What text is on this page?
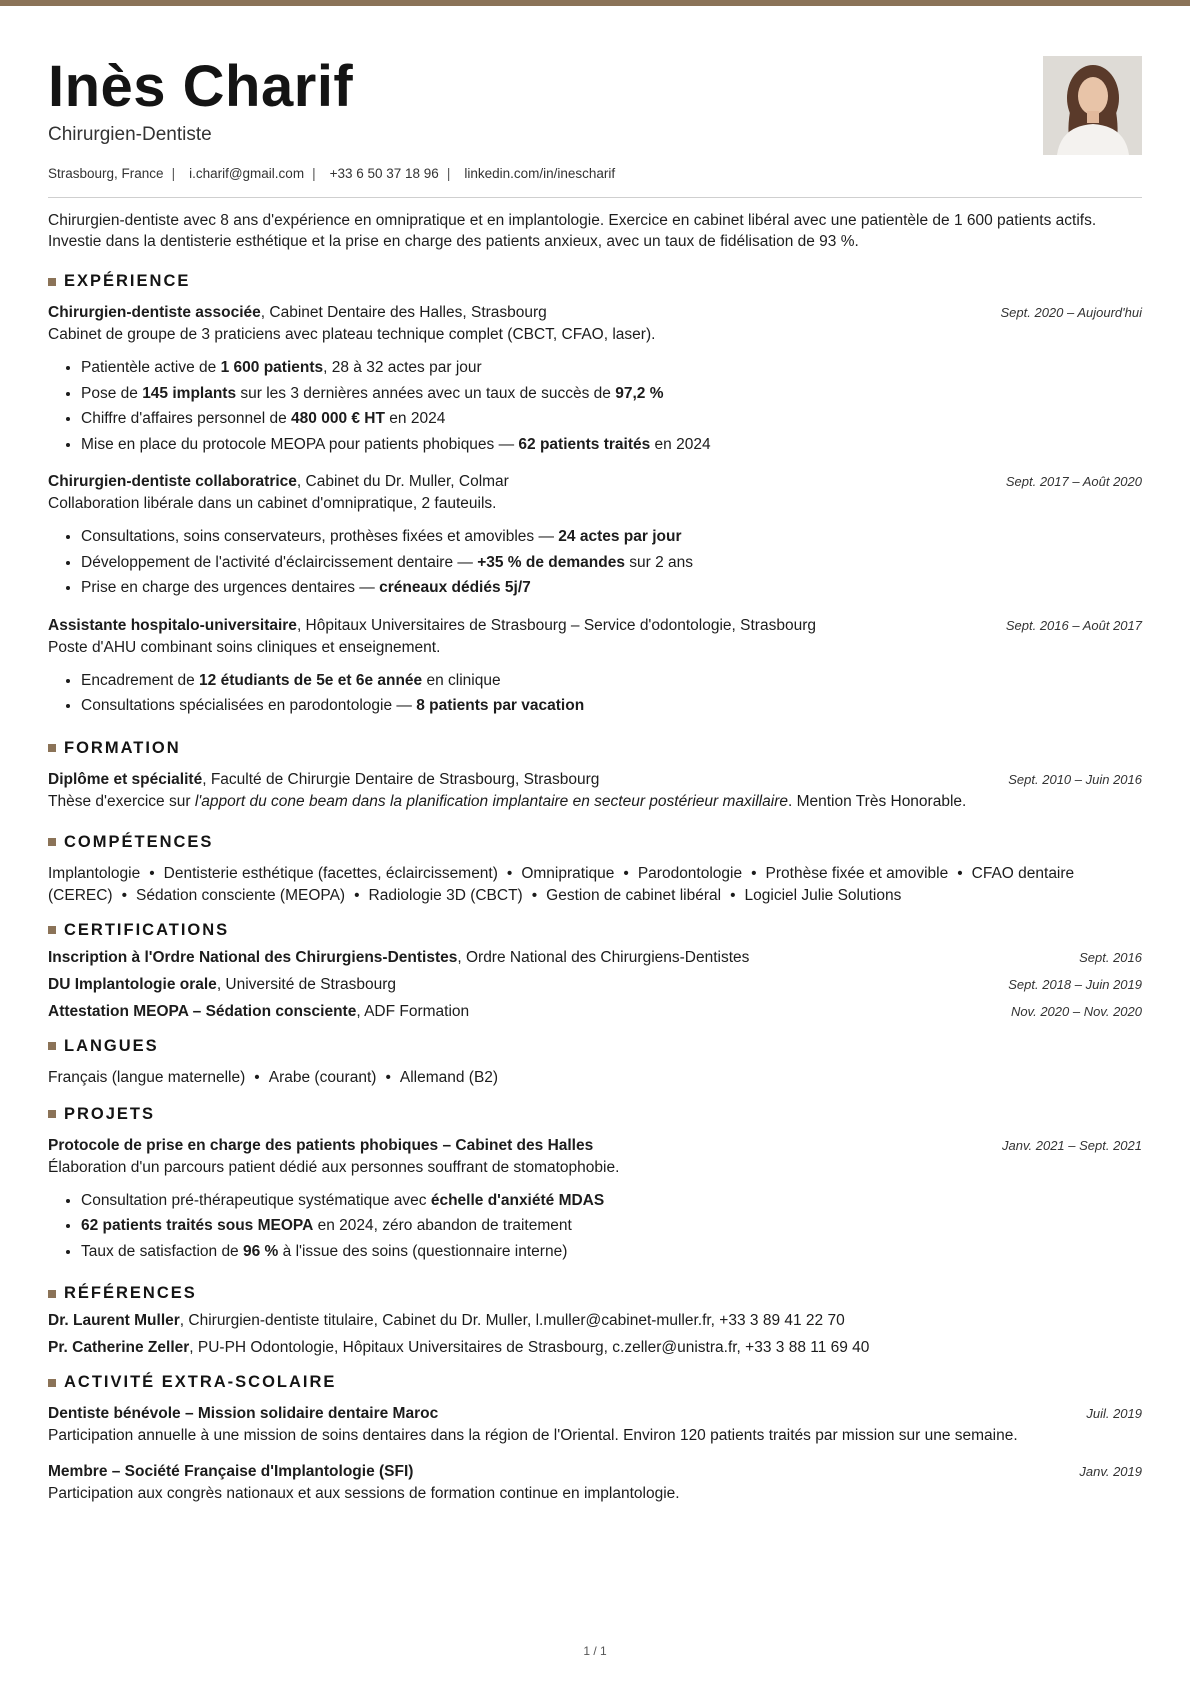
Inès Charif
Chirurgien-Dentiste
Strasbourg, France |	i.charif@gmail.com |	+33 6 50 37 18 96 |	linkedin.com/in/inescharif
Chirurgien-dentiste avec 8 ans d'expérience en omnipratique et en implantologie. Exercice en cabinet libéral avec une patientèle de 1 600 patients actifs. Investie dans la dentisterie esthétique et la prise en charge des patients anxieux, avec un taux de fidélisation de 93 %.
EXPÉRIENCE
Chirurgien-dentiste associée, Cabinet Dentaire des Halles, Strasbourg	Sept. 2020 – Aujourd'hui
Cabinet de groupe de 3 praticiens avec plateau technique complet (CBCT, CFAO, laser).
• Patientèle active de 1 600 patients, 28 à 32 actes par jour
• Pose de 145 implants sur les 3 dernières années avec un taux de succès de 97,2 %
• Chiffre d'affaires personnel de 480 000 € HT en 2024
• Mise en place du protocole MEOPA pour patients phobiques — 62 patients traités en 2024
Chirurgien-dentiste collaboratrice, Cabinet du Dr. Muller, Colmar	Sept. 2017 – Août 2020
Collaboration libérale dans un cabinet d'omnipratique, 2 fauteuils.
• Consultations, soins conservateurs, prothèses fixées et amovibles — 24 actes par jour
• Développement de l'activité d'éclaircissement dentaire — +35 % de demandes sur 2 ans
• Prise en charge des urgences dentaires — créneaux dédiés 5j/7
Assistante hospitalo-universitaire, Hôpitaux Universitaires de Strasbourg – Service d'odontologie, Strasbourg	Sept. 2016 – Août 2017
Poste d'AHU combinant soins cliniques et enseignement.
• Encadrement de 12 étudiants de 5e et 6e année en clinique
• Consultations spécialisées en parodontologie — 8 patients par vacation
FORMATION
Diplôme et spécialité, Faculté de Chirurgie Dentaire de Strasbourg, Strasbourg	Sept. 2010 – Juin 2016
Thèse d'exercice sur l'apport du cone beam dans la planification implantaire en secteur postérieur maxillaire. Mention Très Honorable.
COMPÉTENCES
Implantologie • Dentisterie esthétique (facettes, éclaircissement) • Omnipratique • Parodontologie • Prothèse fixée et amovible • CFAO dentaire (CEREC) • Sédation consciente (MEOPA) • Radiologie 3D (CBCT) • Gestion de cabinet libéral • Logiciel Julie Solutions
CERTIFICATIONS
Inscription à l'Ordre National des Chirurgiens-Dentistes, Ordre National des Chirurgiens-Dentistes	Sept. 2016
DU Implantologie orale, Université de Strasbourg	Sept. 2018 – Juin 2019
Attestation MEOPA – Sédation consciente, ADF Formation	Nov. 2020 – Nov. 2020
LANGUES
Français (langue maternelle) • Arabe (courant) • Allemand (B2)
PROJETS
Protocole de prise en charge des patients phobiques – Cabinet des Halles	Janv. 2021 – Sept. 2021
Élaboration d'un parcours patient dédié aux personnes souffrant de stomatophobie.
• Consultation pré-thérapeutique systématique avec échelle d'anxiété MDAS
• 62 patients traités sous MEOPA en 2024, zéro abandon de traitement
• Taux de satisfaction de 96 % à l'issue des soins (questionnaire interne)
RÉFÉRENCES
Dr. Laurent Muller, Chirurgien-dentiste titulaire, Cabinet du Dr. Muller, l.muller@cabinet-muller.fr, +33 3 89 41 22 70
Pr. Catherine Zeller, PU-PH Odontologie, Hôpitaux Universitaires de Strasbourg, c.zeller@unistra.fr, +33 3 88 11 69 40
ACTIVITÉ EXTRA-SCOLAIRE
Dentiste bénévole – Mission solidaire dentaire Maroc	Juil. 2019
Participation annuelle à une mission de soins dentaires dans la région de l'Oriental. Environ 120 patients traités par mission sur une semaine.
Membre – Société Française d'Implantologie (SFI)	Janv. 2019
Participation aux congrès nationaux et aux sessions de formation continue en implantologie.
1 / 1
